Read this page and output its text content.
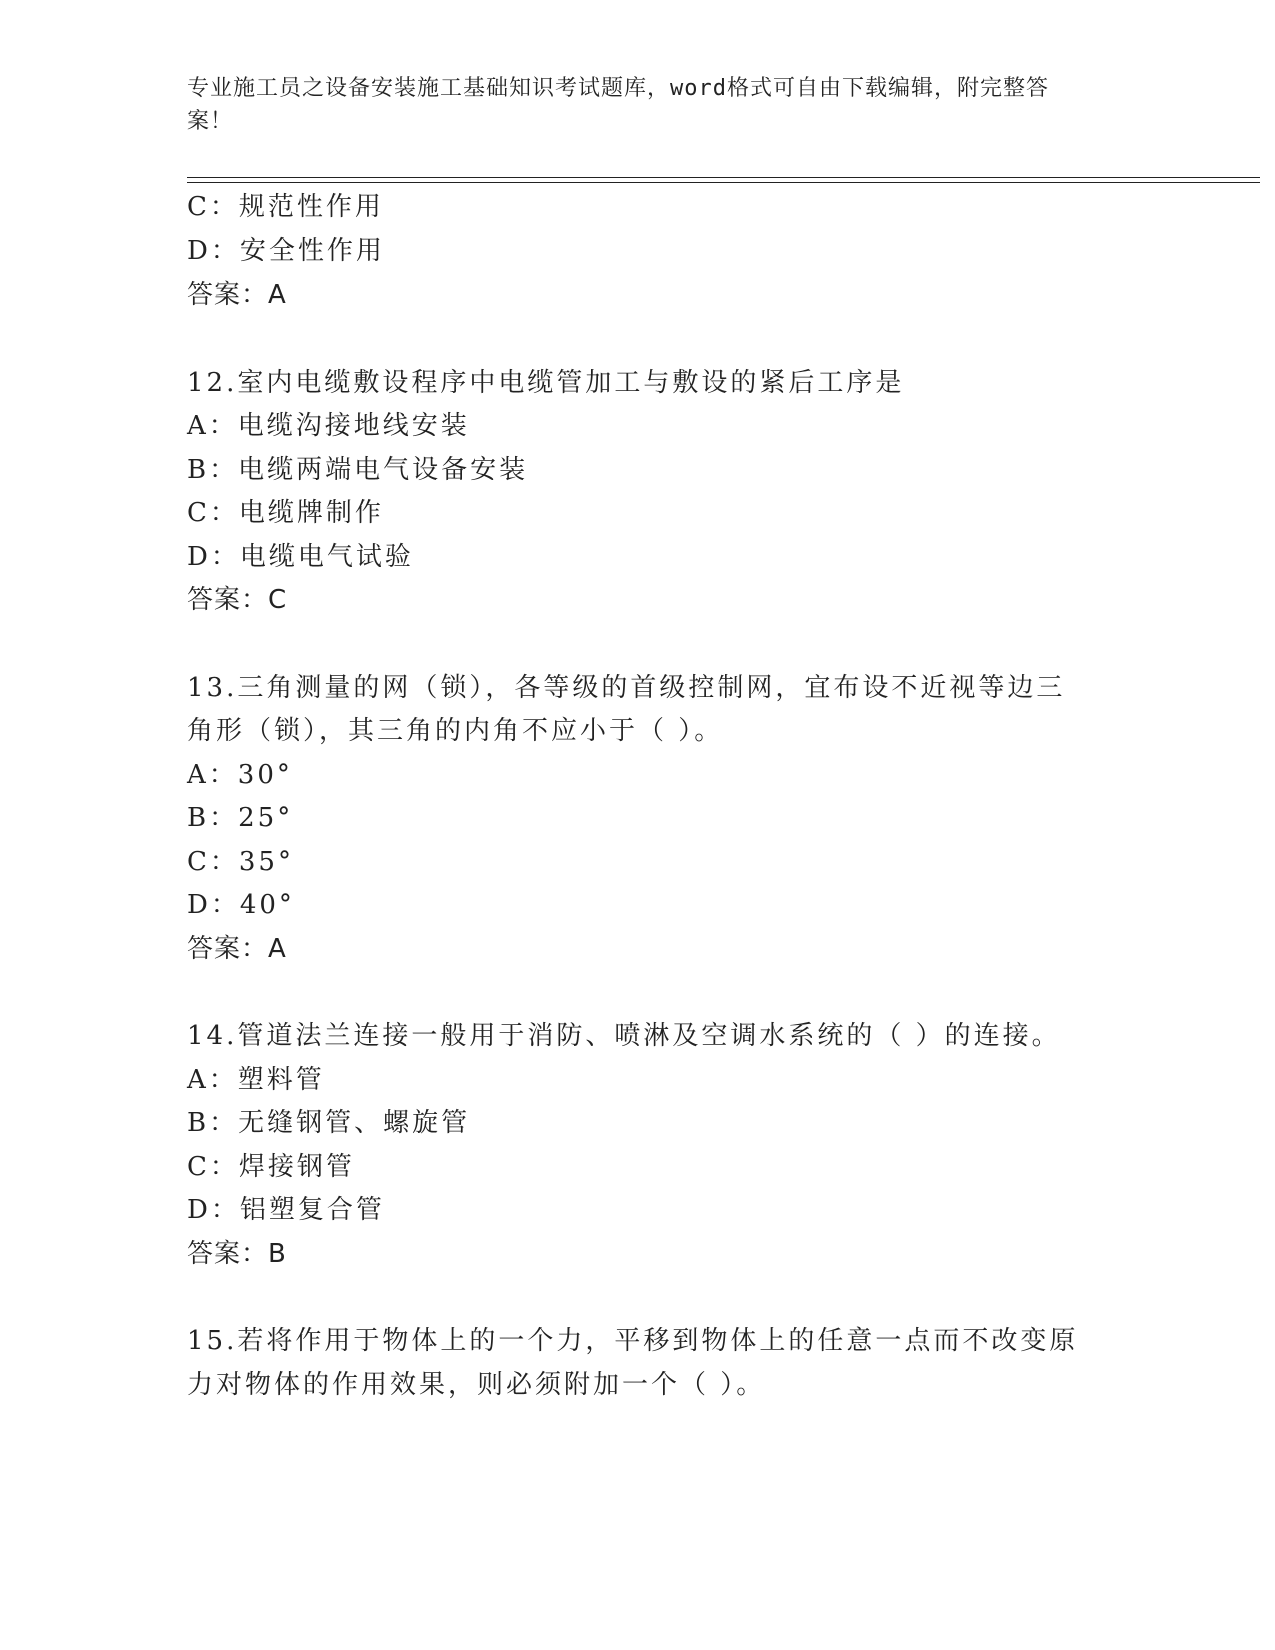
专业施工员之设备安装施工基础知识考试题库，word格式可自由下载编辑，附完整答案！
C：规范性作用
D：安全性作用
答案：A
12.室内电缆敷设程序中电缆管加工与敷设的紧后工序是
A：电缆沟接地线安装
B：电缆两端电气设备安装
C：电缆牌制作
D：电缆电气试验
答案：C
13.三角测量的网（锁），各等级的首级控制网，宜布设不近视等边三
角形（锁），其三角的内角不应小于（ ）。
A：30°
B：25°
C：35°
D：40°
答案：A
14.管道法兰连接一般用于消防、喷淋及空调水系统的（ ）的连接。
A：塑料管
B：无缝钢管、螺旋管
C：焊接钢管
D：铝塑复合管
答案：B
15.若将作用于物体上的一个力，平移到物体上的任意一点而不改变原
力对物体的作用效果，则必须附加一个（ ）。
